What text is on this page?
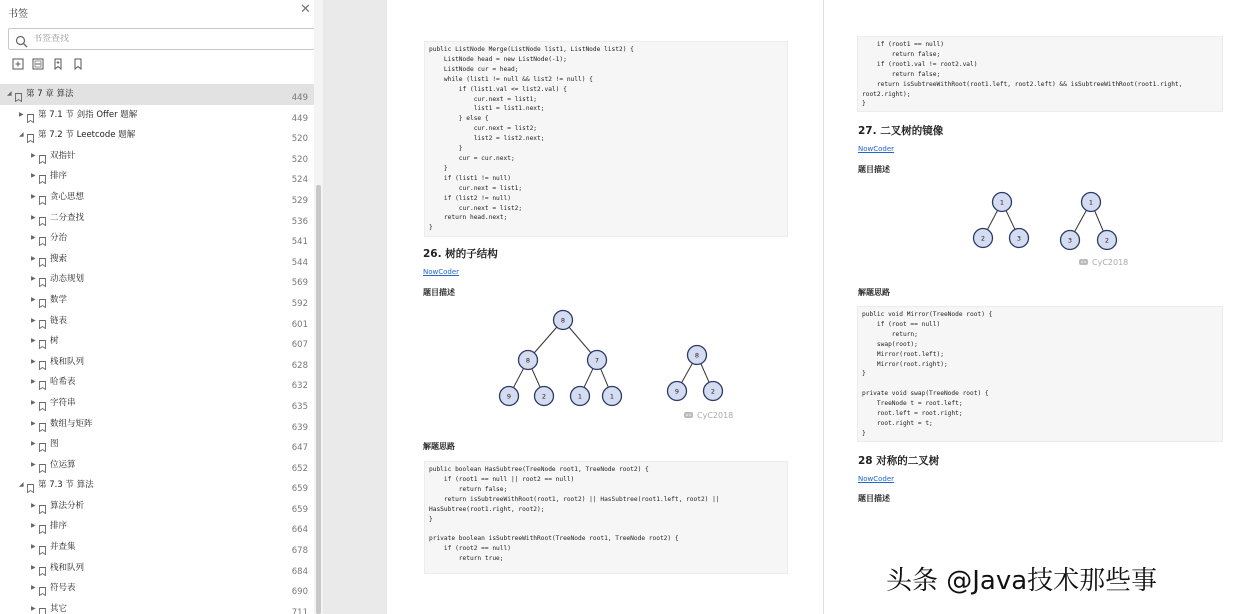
书签	✕
书签查找
◢ 第 7 章 算法	449
▶ 第 7.1 节 剑指 Offer 题解	449
◢ 第 7.2 节 Leetcode 题解	520
▶ 双指针	520
▶ 排序	524
▶ 贪心思想	529
▶ 二分查找	536
▶ 分治	541
▶ 搜索	544
▶ 动态规划	569
▶ 数学	592
▶ 链表	601
▶ 树	607
▶ 栈和队列	628
▶ 哈希表	632
▶ 字符串	635
▶ 数组与矩阵	639
▶ 图	647
▶ 位运算	652
◢ 第 7.3 节 算法	659
▶ 算法分析	659
▶ 排序	664
▶ 并查集	678
▶ 栈和队列	684
▶ 符号表	690
▶ 其它	711
public ListNode Merge(ListNode list1, ListNode list2) {
ListNode head = new ListNode(-1);
ListNode cur = head;
while (list1 != null && list2 != null) {
if (list1.val <= list2.val) {
cur.next = list1;
list1 = list1.next;
} else {
cur.next = list2;
list2 = list2.next;
}
cur = cur.next;
}
if (list1 != null)
cur.next = list1;
if (list2 != null)
cur.next = list2;
return head.next;
}
26. 树的子结构
NowCoder
题目描述
8
8	7
9	2	1	1
8
9	2
CyC2018
解题思路
public boolean HasSubtree(TreeNode root1, TreeNode root2) {
if (root1 == null || root2 == null)
return false;
return isSubtreeWithRoot(root1, root2) || HasSubtree(root1.left, root2) ||
HasSubtree(root1.right, root2);
}

private boolean isSubtreeWithRoot(TreeNode root1, TreeNode root2) {
if (root2 == null)
return true;
if (root1 == null)
return false;
if (root1.val != root2.val)
return false;
return isSubtreeWithRoot(root1.left, root2.left) && isSubtreeWithRoot(root1.right,
root2.right);
}
27. 二叉树的镜像
NowCoder
题目描述
1
2	3
1
3	2
CyC2018
解题思路
public void Mirror(TreeNode root) {
if (root == null)
return;
swap(root);
Mirror(root.left);
Mirror(root.right);
}

private void swap(TreeNode root) {
TreeNode t = root.left;
root.left = root.right;
root.right = t;
}
28 对称的二叉树
NowCoder
题目描述
头条 @Java技术那些事
